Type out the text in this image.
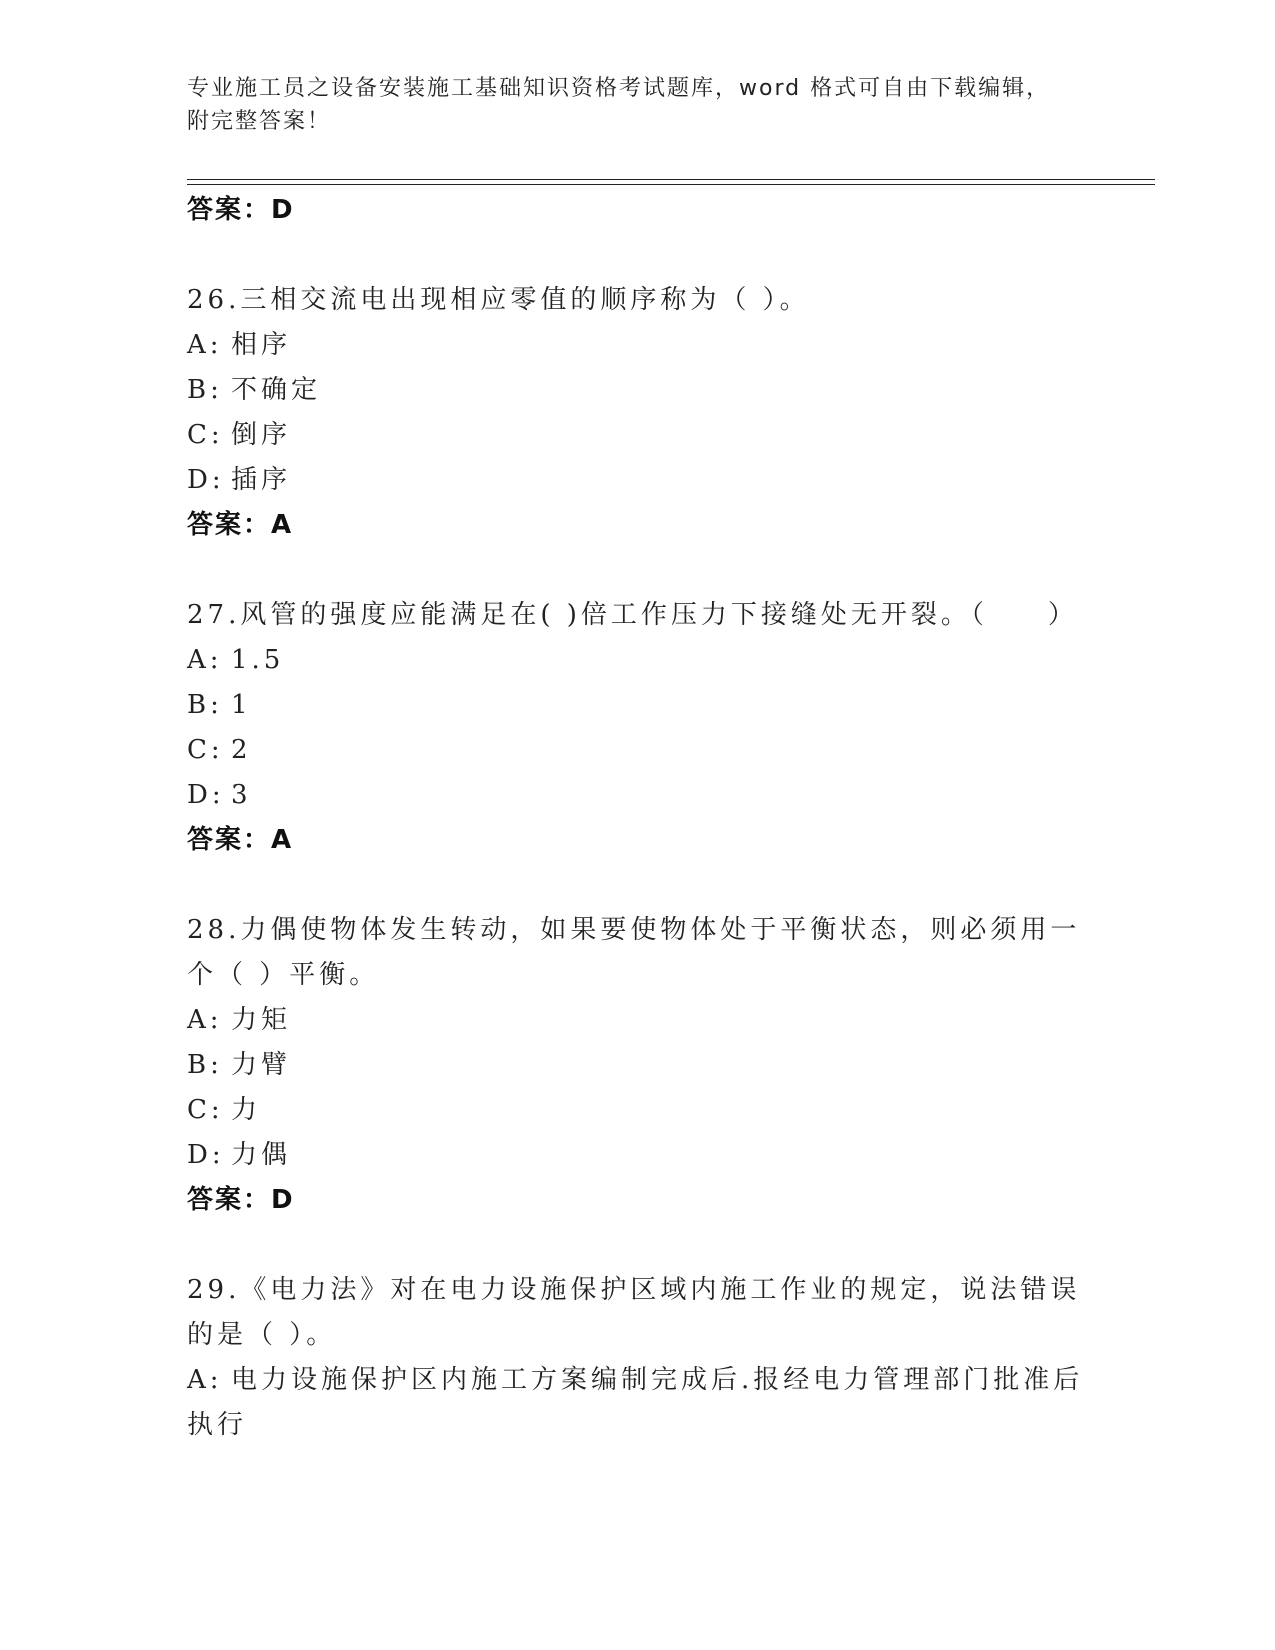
专业施工员之设备安装施工基础知识资格考试题库，word 格式可自由下载编辑，
附完整答案！
答案：D
26.三相交流电出现相应零值的顺序称为（ ）。
A: 相序
B: 不确定
C: 倒序
D: 插序
答案：A
27.风管的强度应能满足在( )倍工作压力下接缝处无开裂。（　　）
A: 1.5
B: 1
C: 2
D: 3
答案：A
28.力偶使物体发生转动，如果要使物体处于平衡状态，则必须用一个（ ）平衡。
A: 力矩
B: 力臂
C: 力
D: 力偶
答案：D
29.《电力法》对在电力设施保护区域内施工作业的规定，说法错误的是（ ）。
A: 电力设施保护区内施工方案编制完成后.报经电力管理部门批准后执行
